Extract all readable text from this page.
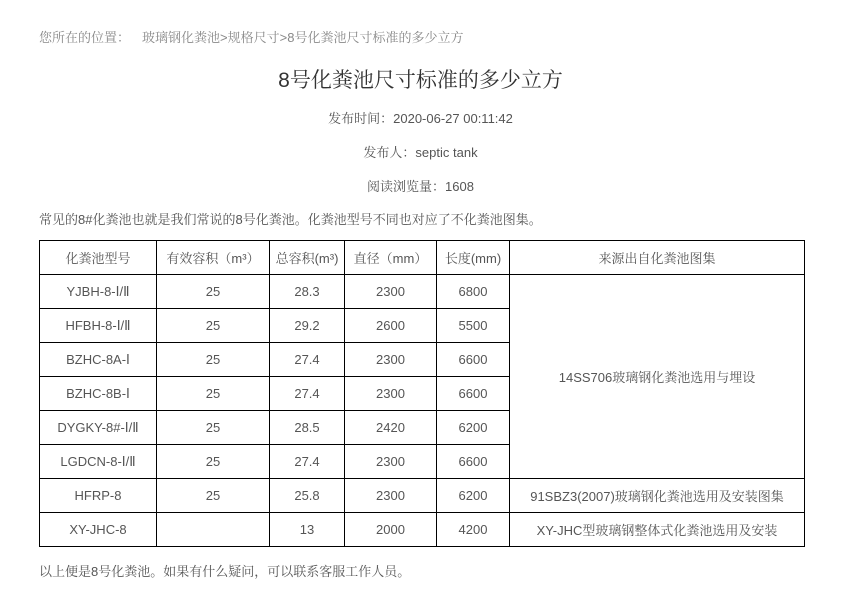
您所在的位置： 玻璃钢化粪池>规格尺寸>8号化粪池尺寸标准的多少立方
8号化粪池尺寸标准的多少立方
发布时间：2020-06-27 00:11:42
发布人：septic tank
阅读浏览量：1608
常见的8#化粪池也就是我们常说的8号化粪池。化粪池型号不同也对应了不化粪池图集。
化粪池型号	有效容积（m³）	总容积(m³)	直径（mm）	长度(mm)	来源出自化粪池图集
YJBH-8-Ⅰ/Ⅱ	25	28.3	2300	6800	14SS706玻璃钢化粪池选用与埋设
HFBH-8-Ⅰ/Ⅱ	25	29.2	2600	5500	
BZHC-8A-Ⅰ	25	27.4	2300	6600	
BZHC-8B-Ⅰ	25	27.4	2300	6600	
DYGKY-8#-Ⅰ/Ⅱ	25	28.5	2420	6200	
LGDCN-8-Ⅰ/Ⅱ	25	27.4	2300	6600	
HFRP-8	25	25.8	2300	6200	91SBZ3(2007)玻璃钢化粪池选用及安装图集
XY-JHC-8		13	2000	4200	XY-JHC型玻璃钢整体式化粪池选用及安装
以上便是8号化粪池。如果有什么疑问，可以联系客服工作人员。
